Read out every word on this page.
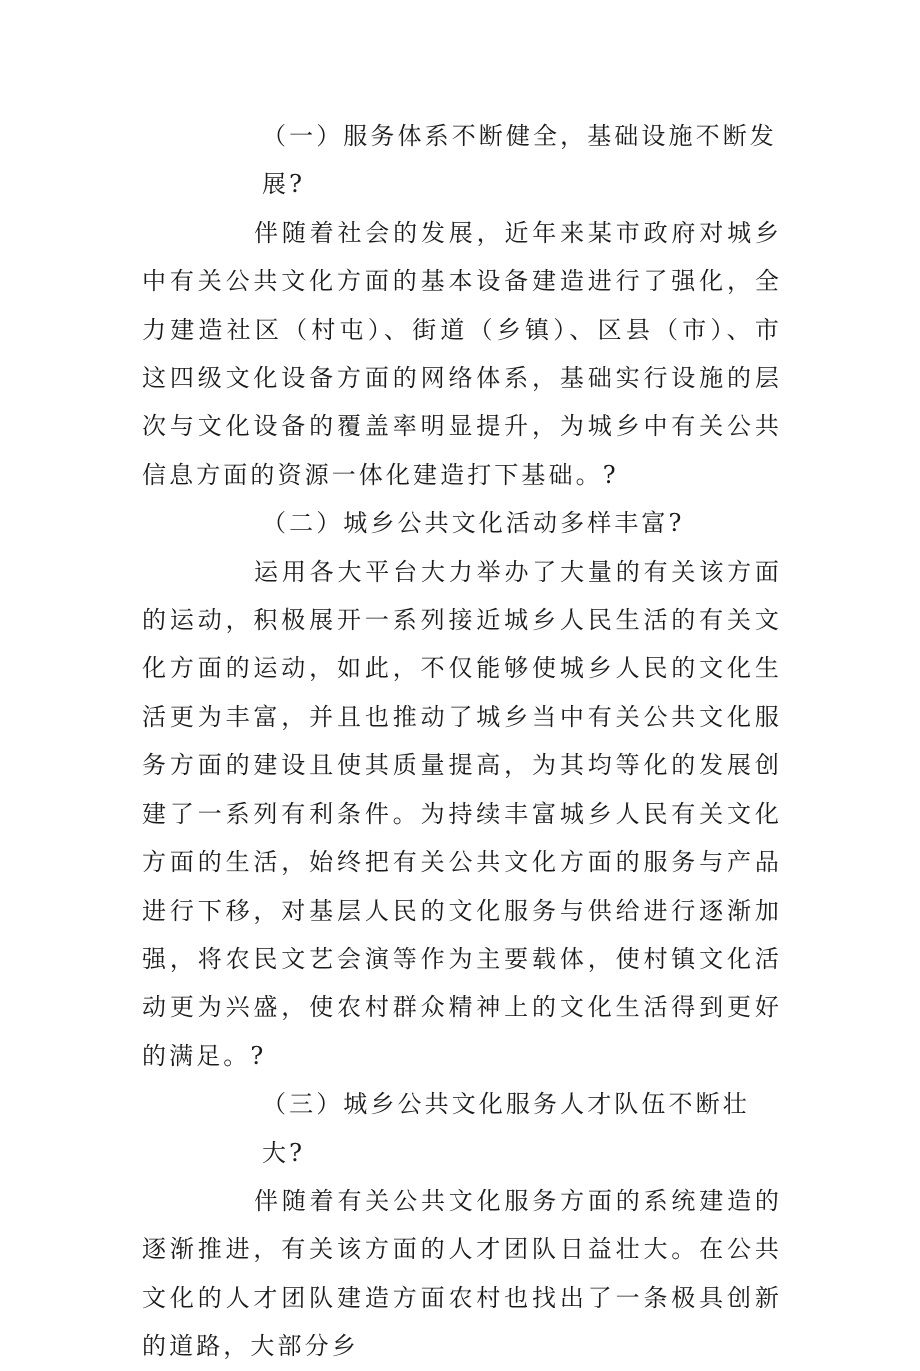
（一）服务体系不断健全，基础设施不断发展?

伴随着社会的发展，近年来某市政府对城乡中有关公共文化方面的基本设备建造进行了强化，全力建造社区（村屯）、街道（乡镇）、区县（市）、市这四级文化设备方面的网络体系，基础实行设施的层次与文化设备的覆盖率明显提升，为城乡中有关公共信息方面的资源一体化建造打下基础。?

（二）城乡公共文化活动多样丰富?

运用各大平台大力举办了大量的有关该方面的运动，积极展开一系列接近城乡人民生活的有关文化方面的运动，如此，不仅能够使城乡人民的文化生活更为丰富，并且也推动了城乡当中有关公共文化服务方面的建设且使其质量提高，为其均等化的发展创建了一系列有利条件。为持续丰富城乡人民有关文化方面的生活，始终把有关公共文化方面的服务与产品进行下移，对基层人民的文化服务与供给进行逐渐加强，将农民文艺会演等作为主要载体，使村镇文化活动更为兴盛，使农村群众精神上的文化生活得到更好的满足。?

（三）城乡公共文化服务人才队伍不断壮大?

伴随着有关公共文化服务方面的系统建造的逐渐推进，有关该方面的人才团队日益壮大。在公共文化的人才团队建造方面农村也找出了一条极具创新的道路，大部分乡
